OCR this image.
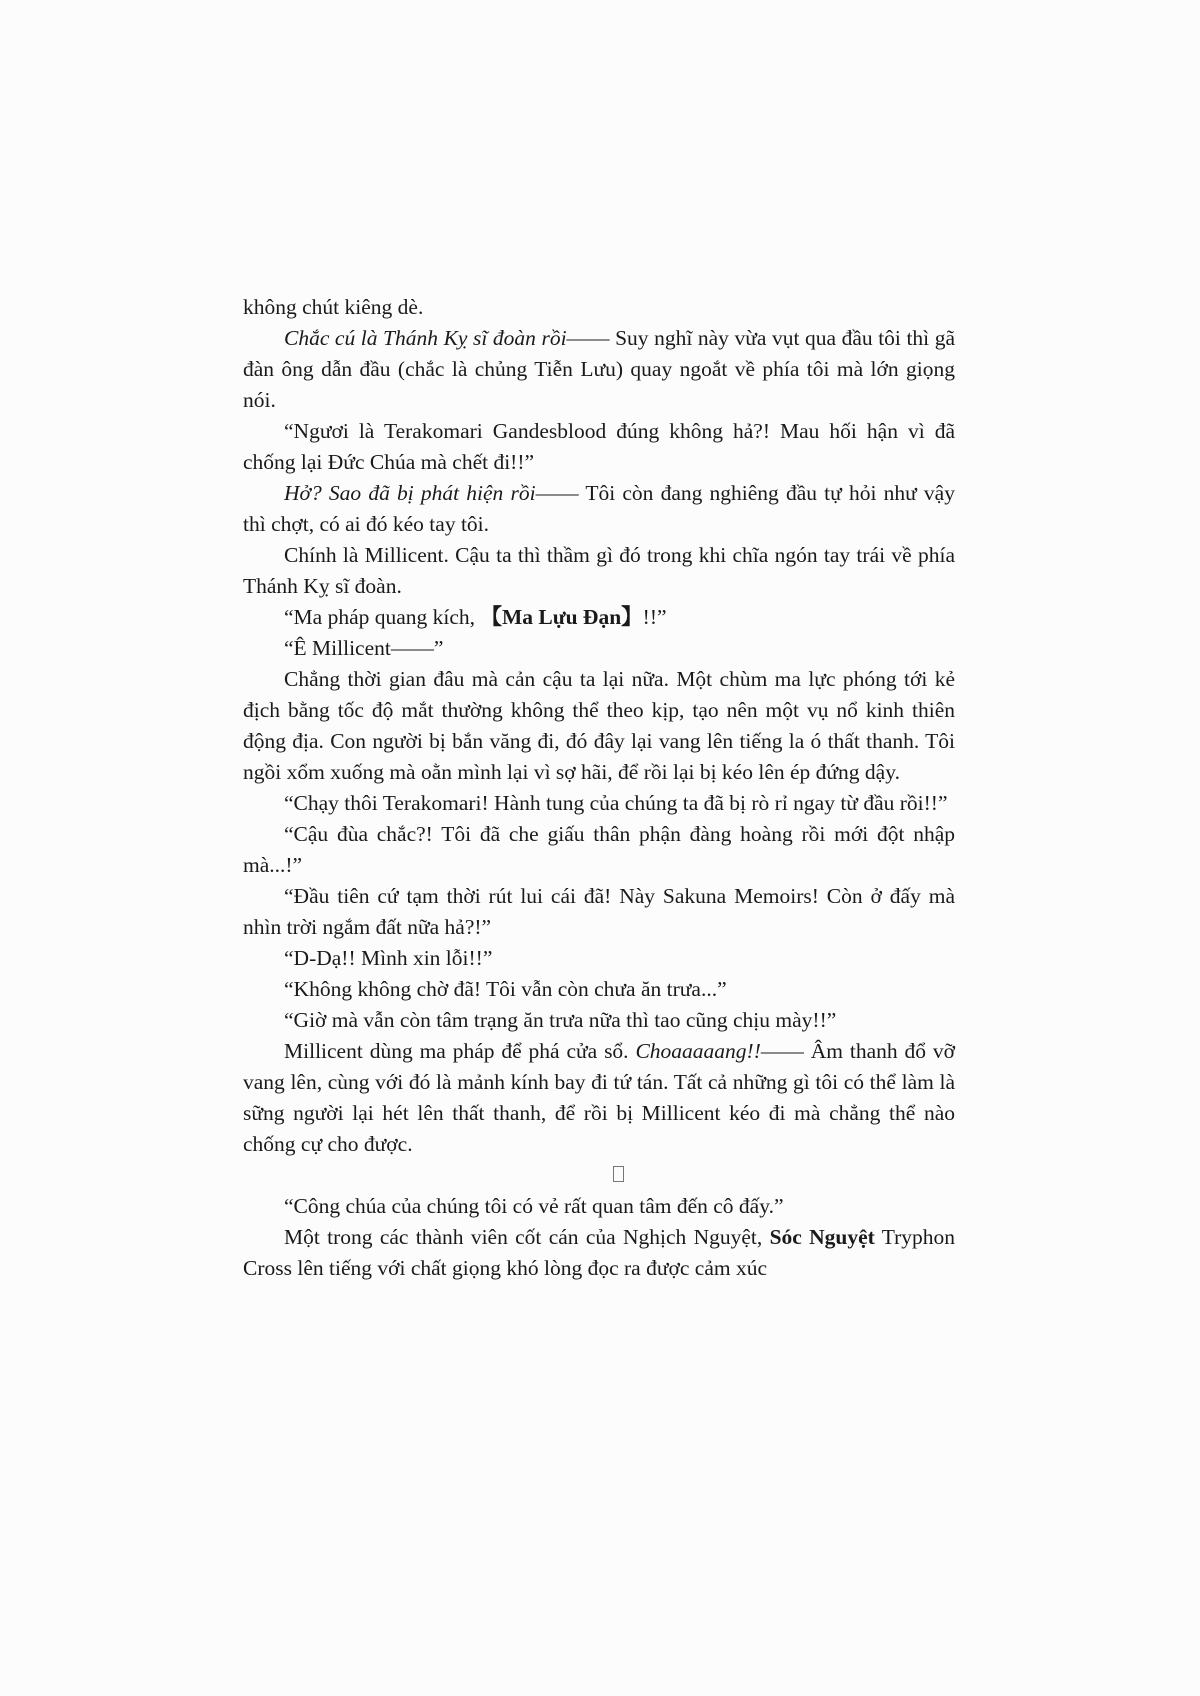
không chút kiêng dè.

Chắc cú là Thánh Kỵ sĩ đoàn rồi—— Suy nghĩ này vừa vụt qua đầu tôi thì gã đàn ông dẫn đầu (chắc là chủng Tiễn Lưu) quay ngoắt về phía tôi mà lớn giọng nói.

“Ngươi là Terakomari Gandesblood đúng không hả?! Mau hối hận vì đã chống lại Đức Chúa mà chết đi!!”

Hở? Sao đã bị phát hiện rồi—— Tôi còn đang nghiêng đầu tự hỏi như vậy thì chợt, có ai đó kéo tay tôi.

Chính là Millicent. Cậu ta thì thầm gì đó trong khi chĩa ngón tay trái về phía Thánh Kỵ sĩ đoàn.

“Ma pháp quang kích, 【Ma Lựu Đạn】!!”

“Ê Millicent——”

Chẳng thời gian đâu mà cản cậu ta lại nữa. Một chùm ma lực phóng tới kẻ địch bằng tốc độ mắt thường không thể theo kịp, tạo nên một vụ nổ kinh thiên động địa. Con người bị bắn văng đi, đó đây lại vang lên tiếng la ó thất thanh. Tôi ngồi xổm xuống mà oằn mình lại vì sợ hãi, để rồi lại bị kéo lên ép đứng dậy.

“Chạy thôi Terakomari! Hành tung của chúng ta đã bị rò rỉ ngay từ đầu rồi!!”

“Cậu đùa chắc?! Tôi đã che giấu thân phận đàng hoàng rồi mới đột nhập mà...!”

“Đầu tiên cứ tạm thời rút lui cái đã! Này Sakuna Memoirs! Còn ở đấy mà nhìn trời ngắm đất nữa hả?!”

“D-Dạ!! Mình xin lỗi!!”

“Không không chờ đã! Tôi vẫn còn chưa ăn trưa...”

“Giờ mà vẫn còn tâm trạng ăn trưa nữa thì tao cũng chịu mày!!”

Millicent dùng ma pháp để phá cửa sổ. Choaaaaang!!—— Âm thanh đổ vỡ vang lên, cùng với đó là mảnh kính bay đi tứ tán. Tất cả những gì tôi có thể làm là sững người lại hét lên thất thanh, để rồi bị Millicent kéo đi mà chẳng thể nào chống cự cho được.

“Công chúa của chúng tôi có vẻ rất quan tâm đến cô đấy.”

Một trong các thành viên cốt cán của Nghịch Nguyệt, Sóc Nguyệt Tryphon Cross lên tiếng với chất giọng khó lòng đọc ra được cảm xúc
